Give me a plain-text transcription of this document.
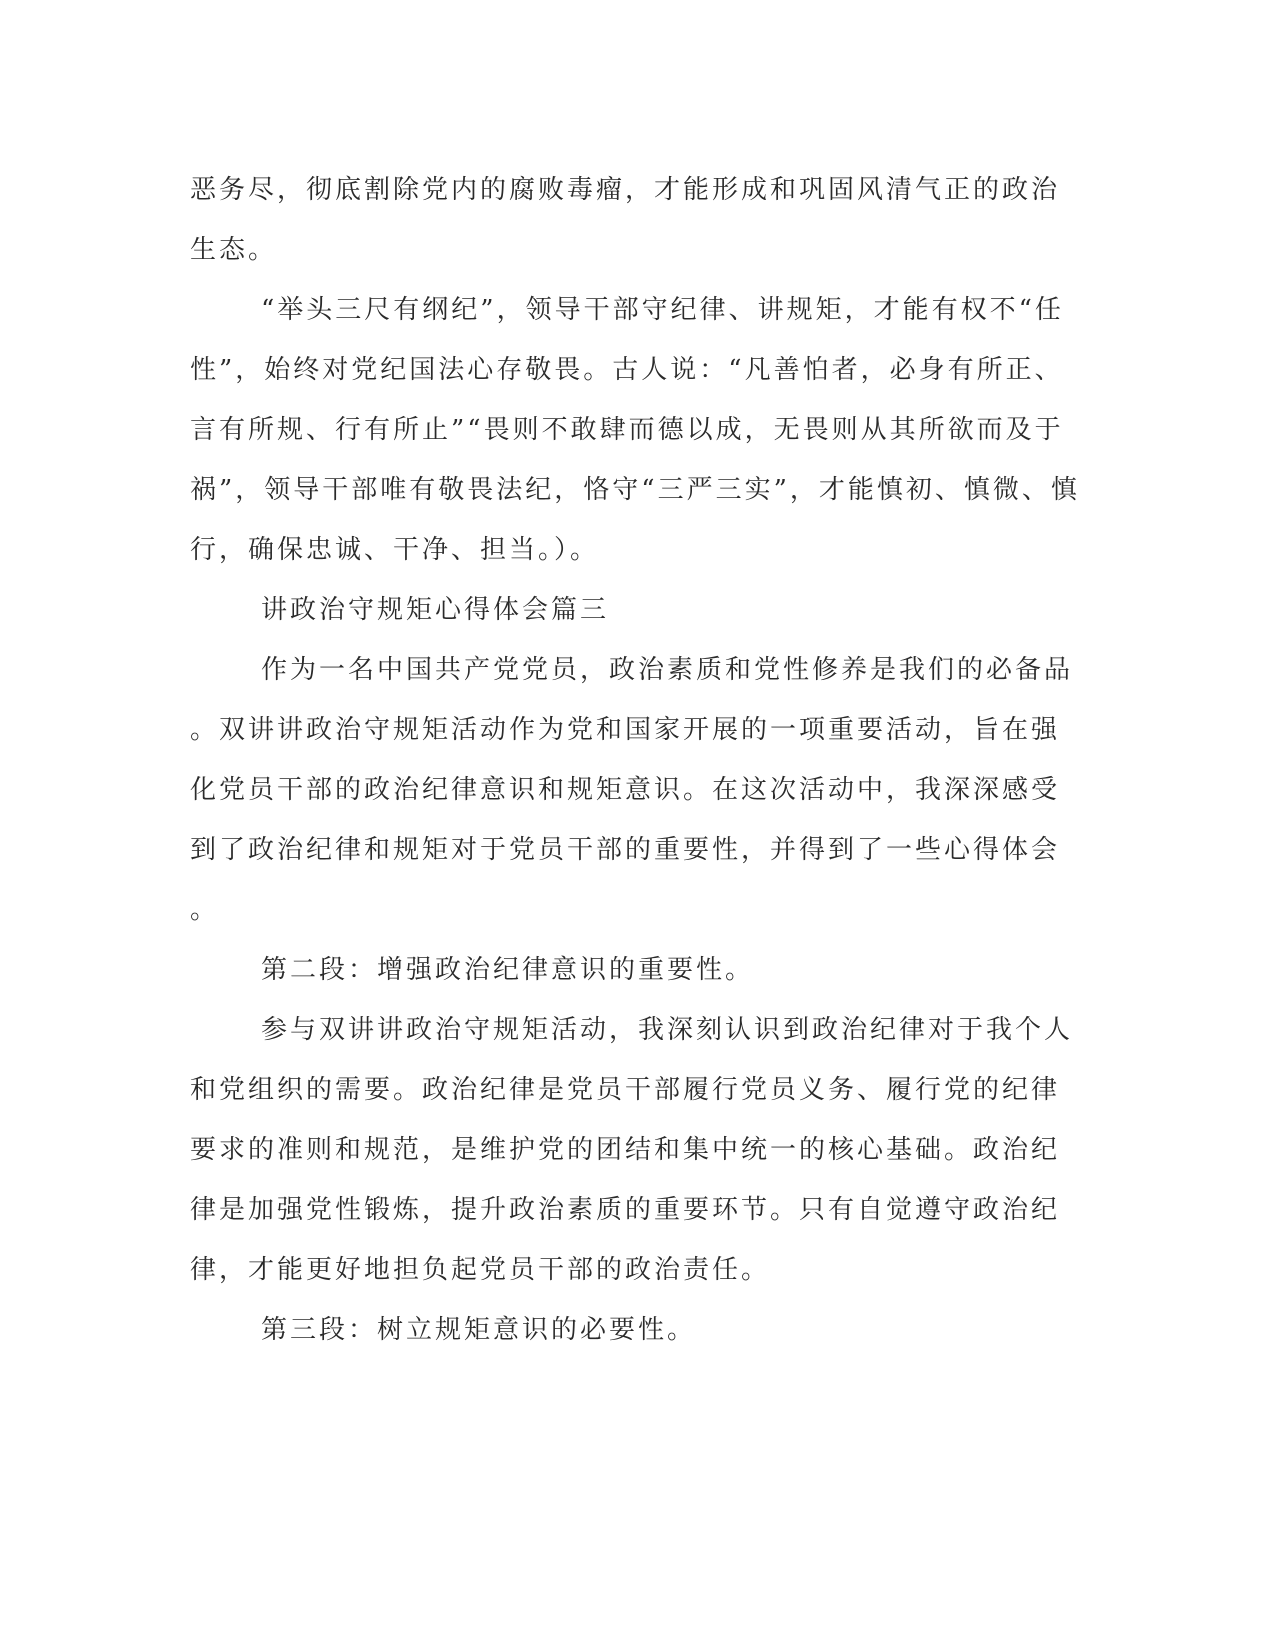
恶务尽，彻底割除党内的腐败毒瘤，才能形成和巩固风清气正的政治
生态。
“举头三尺有纲纪”，领导干部守纪律、讲规矩，才能有权不“任
性”，始终对党纪国法心存敬畏。古人说：“凡善怕者，必身有所正、
言有所规、行有所止”“畏则不敢肆而德以成，无畏则从其所欲而及于
祸”，领导干部唯有敬畏法纪，恪守“三严三实”，才能慎初、慎微、慎
行，确保忠诚、干净、担当。）。
讲政治守规矩心得体会篇三
作为一名中国共产党党员，政治素质和党性修养是我们的必备品
。双讲讲政治守规矩活动作为党和国家开展的一项重要活动，旨在强
化党员干部的政治纪律意识和规矩意识。在这次活动中，我深深感受
到了政治纪律和规矩对于党员干部的重要性，并得到了一些心得体会
。
第二段：增强政治纪律意识的重要性。
参与双讲讲政治守规矩活动，我深刻认识到政治纪律对于我个人
和党组织的需要。政治纪律是党员干部履行党员义务、履行党的纪律
要求的准则和规范，是维护党的团结和集中统一的核心基础。政治纪
律是加强党性锻炼，提升政治素质的重要环节。只有自觉遵守政治纪
律，才能更好地担负起党员干部的政治责任。
第三段：树立规矩意识的必要性。
